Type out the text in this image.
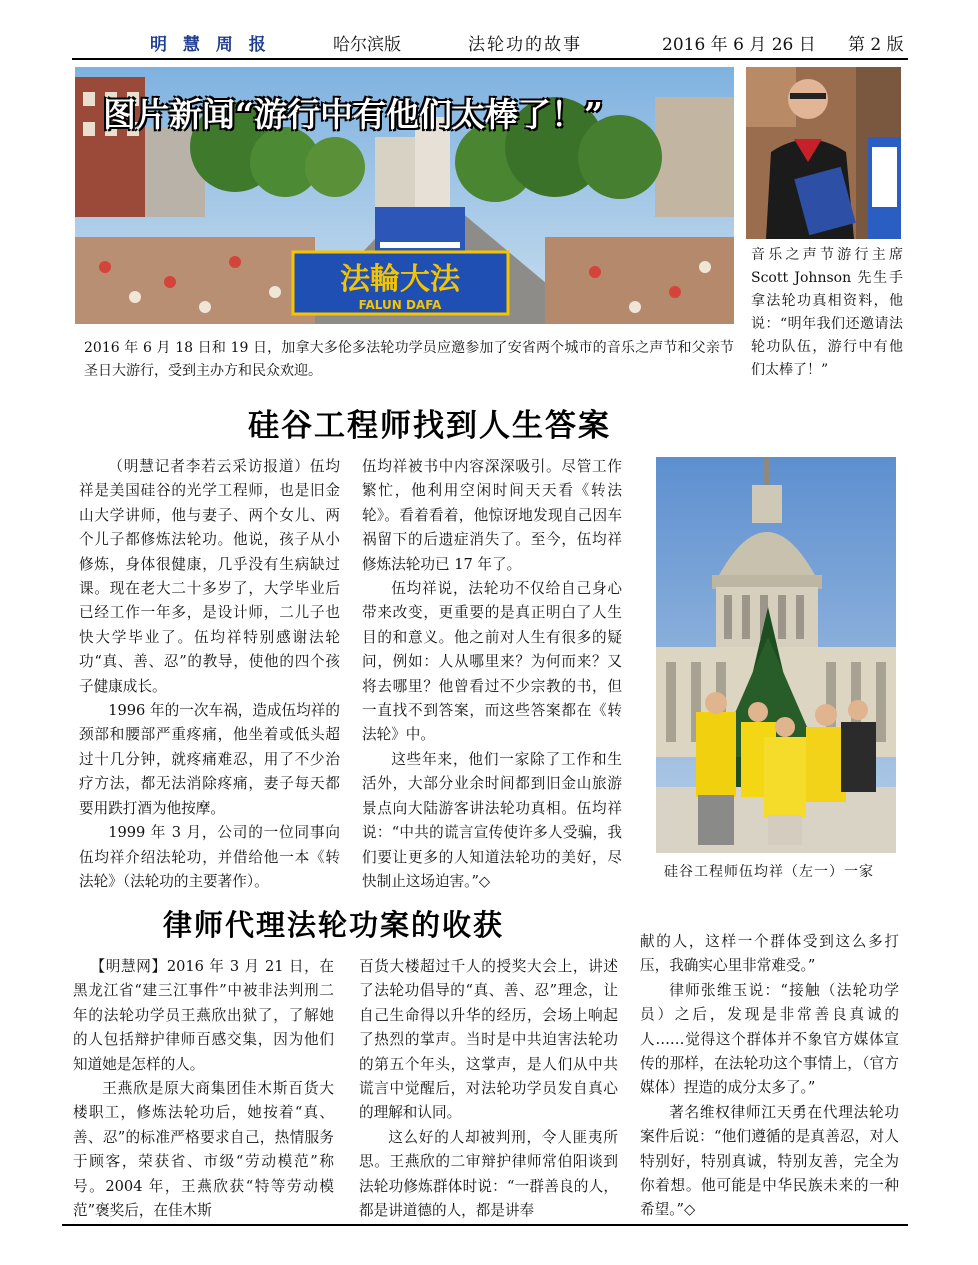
明 慧 周 报	哈尔滨版	法轮功的故事	2016 年 6 月 26 日 第 2 版
法輪大法
FALUN DAFA
图片新闻“游行中有他们太棒了！”
音乐之声节游行主席 Scott Johnson 先生手拿法轮功真相资料，他说：“明年我们还邀请法轮功队伍，游行中有他们太棒了！”
2016 年 6 月 18 日和 19 日，加拿大多伦多法轮功学员应邀参加了安省两个城市的音乐之声节和父亲节圣日大游行，受到主办方和民众欢迎。
硅谷工程师找到人生答案

（明慧记者李若云采访报道）伍均祥是美国硅谷的光学工程师，也是旧金山大学讲师，他与妻子、两个女儿、两个儿子都修炼法轮功。他说，孩子从小修炼，身体很健康，几乎没有生病缺过课。现在老大二十多岁了，大学毕业后已经工作一年多，是设计师，二儿子也快大学毕业了。伍均祥特别感谢法轮功“真、善、忍”的教导，使他的四个孩子健康成长。

1996 年的一次车祸，造成伍均祥的颈部和腰部严重疼痛，他坐着或低头超过十几分钟，就疼痛难忍，用了不少治疗方法，都无法消除疼痛，妻子每天都要用跌打酒为他按摩。

1999 年 3 月，公司的一位同事向伍均祥介绍法轮功，并借给他一本《转法轮》（法轮功的主要著作）。

伍均祥被书中内容深深吸引。尽管工作繁忙，他利用空闲时间天天看《转法轮》。看着看着，他惊讶地发现自己因车祸留下的后遗症消失了。至今，伍均祥修炼法轮功已 17 年了。

伍均祥说，法轮功不仅给自己身心带来改变，更重要的是真正明白了人生目的和意义。他之前对人生有很多的疑问，例如：人从哪里来？为何而来？又将去哪里？他曾看过不少宗教的书，但一直找不到答案，而这些答案都在《转法轮》中。

这些年来，他们一家除了工作和生活外，大部分业余时间都到旧金山旅游景点向大陆游客讲法轮功真相。伍均祥说：“中共的谎言宣传使许多人受骗，我们要让更多的人知道法轮功的美好，尽快制止这场迫害。”◇

硅谷工程师伍均祥（左一）一家
律师代理法轮功案的收获

【明慧网】2016 年 3 月 21 日，在黑龙江省“建三江事件”中被非法判刑二年的法轮功学员王燕欣出狱了，了解她的人包括辩护律师百感交集，因为他们知道她是怎样的人。

王燕欣是原大商集团佳木斯百货大楼职工，修炼法轮功后，她按着“真、善、忍”的标准严格要求自己，热情服务于顾客，荣获省、市级“劳动模范”称号。2004 年，王燕欣获“特等劳动模范”褒奖后，在佳木斯

百货大楼超过千人的授奖大会上，讲述了法轮功倡导的“真、善、忍”理念，让自己生命得以升华的经历，会场上响起了热烈的掌声。当时是中共迫害法轮功的第五个年头，这掌声，是人们从中共谎言中觉醒后，对法轮功学员发自真心的理解和认同。

这么好的人却被判刑，令人匪夷所思。王燕欣的二审辩护律师常伯阳谈到法轮功修炼群体时说：“一群善良的人，都是讲道德的人，都是讲奉

献的人，这样一个群体受到这么多打压，我确实心里非常难受。”

律师张维玉说：“接触（法轮功学员）之后，发现是非常善良真诚的人……觉得这个群体并不象官方媒体宣传的那样，在法轮功这个事情上，（官方媒体）捏造的成分太多了。”

著名维权律师江天勇在代理法轮功案件后说：“他们遵循的是真善忍，对人特别好，特别真诚，特别友善，完全为你着想。他可能是中华民族未来的一种希望。”◇
